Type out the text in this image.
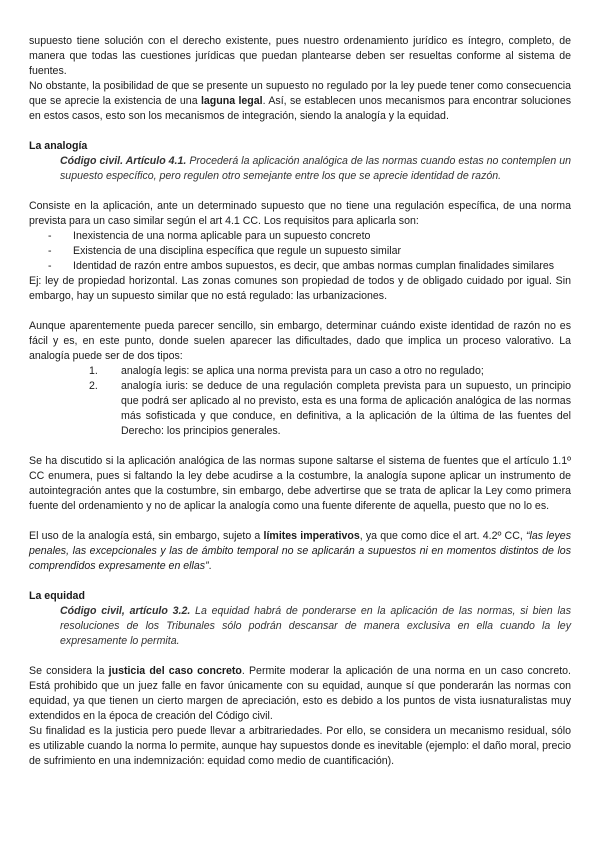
supuesto tiene solución con el derecho existente, pues nuestro ordenamiento jurídico es íntegro, completo, de manera que todas las cuestiones jurídicas que puedan plantearse deben ser resueltas conforme al sistema de fuentes.

No obstante, la posibilidad de que se presente un supuesto no regulado por la ley puede tener como consecuencia que se aprecie la existencia de una laguna legal. Así, se establecen unos mecanismos para encontrar soluciones en estos casos, esto son los mecanismos de integración, siendo la analogía y la equidad.

La analogía

Código civil. Artículo 4.1. Procederá la aplicación analógica de las normas cuando estas no contemplen un supuesto específico, pero regulen otro semejante entre los que se aprecie identidad de razón.

Consiste en la aplicación, ante un determinado supuesto que no tiene una regulación específica, de una norma prevista para un caso similar según el art 4.1 CC. Los requisitos para aplicarla son:

- Inexistencia de una norma aplicable para un supuesto concreto
- Existencia de una disciplina específica que regule un supuesto similar
- Identidad de razón entre ambos supuestos, es decir, que ambas normas cumplan finalidades similares

Ej: ley de propiedad horizontal. Las zonas comunes son propiedad de todos y de obligado cuidado por igual. Sin embargo, hay un supuesto similar que no está regulado: las urbanizaciones.

Aunque aparentemente pueda parecer sencillo, sin embargo, determinar cuándo existe identidad de razón no es fácil y es, en este punto, donde suelen aparecer las dificultades, dado que implica un proceso valorativo. La analogía puede ser de dos tipos:

1. analogía legis: se aplica una norma prevista para un caso a otro no regulado;
2. analogía iuris: se deduce de una regulación completa prevista para un supuesto, un principio que podrá ser aplicado al no previsto, esta es una forma de aplicación analógica de las normas más sofisticada y que conduce, en definitiva, a la aplicación de la última de las fuentes del Derecho: los principios generales.

Se ha discutido si la aplicación analógica de las normas supone saltarse el sistema de fuentes que el artículo 1.1º CC enumera, pues si faltando la ley debe acudirse a la costumbre, la analogía supone aplicar un instrumento de autointegración antes que la costumbre, sin embargo, debe advertirse que se trata de aplicar la Ley como primera fuente del ordenamiento y no de aplicar la analogía como una fuente diferente de aquella, puesto que no lo es.

El uso de la analogía está, sin embargo, sujeto a límites imperativos, ya que como dice el art. 4.2º CC, “las leyes penales, las excepcionales y las de ámbito temporal no se aplicarán a supuestos ni en momentos distintos de los comprendidos expresamente en ellas”.

La equidad

Código civil, artículo 3.2. La equidad habrá de ponderarse en la aplicación de las normas, si bien las resoluciones de los Tribunales sólo podrán descansar de manera exclusiva en ella cuando la ley expresamente lo permita.

Se considera la justicia del caso concreto. Permite moderar la aplicación de una norma en un caso concreto. Está prohibido que un juez falle en favor únicamente con su equidad, aunque sí que ponderarán las normas con equidad, ya que tienen un cierto margen de apreciación, esto es debido a los puntos de vista iusnaturalistas muy extendidos en la época de creación del Código civil.

Su finalidad es la justicia pero puede llevar a arbitrariedades. Por ello, se considera un mecanismo residual, sólo es utilizable cuando la norma lo permite, aunque hay supuestos donde es inevitable (ejemplo: el daño moral, precio de sufrimiento en una indemnización: equidad como medio de cuantificación).
